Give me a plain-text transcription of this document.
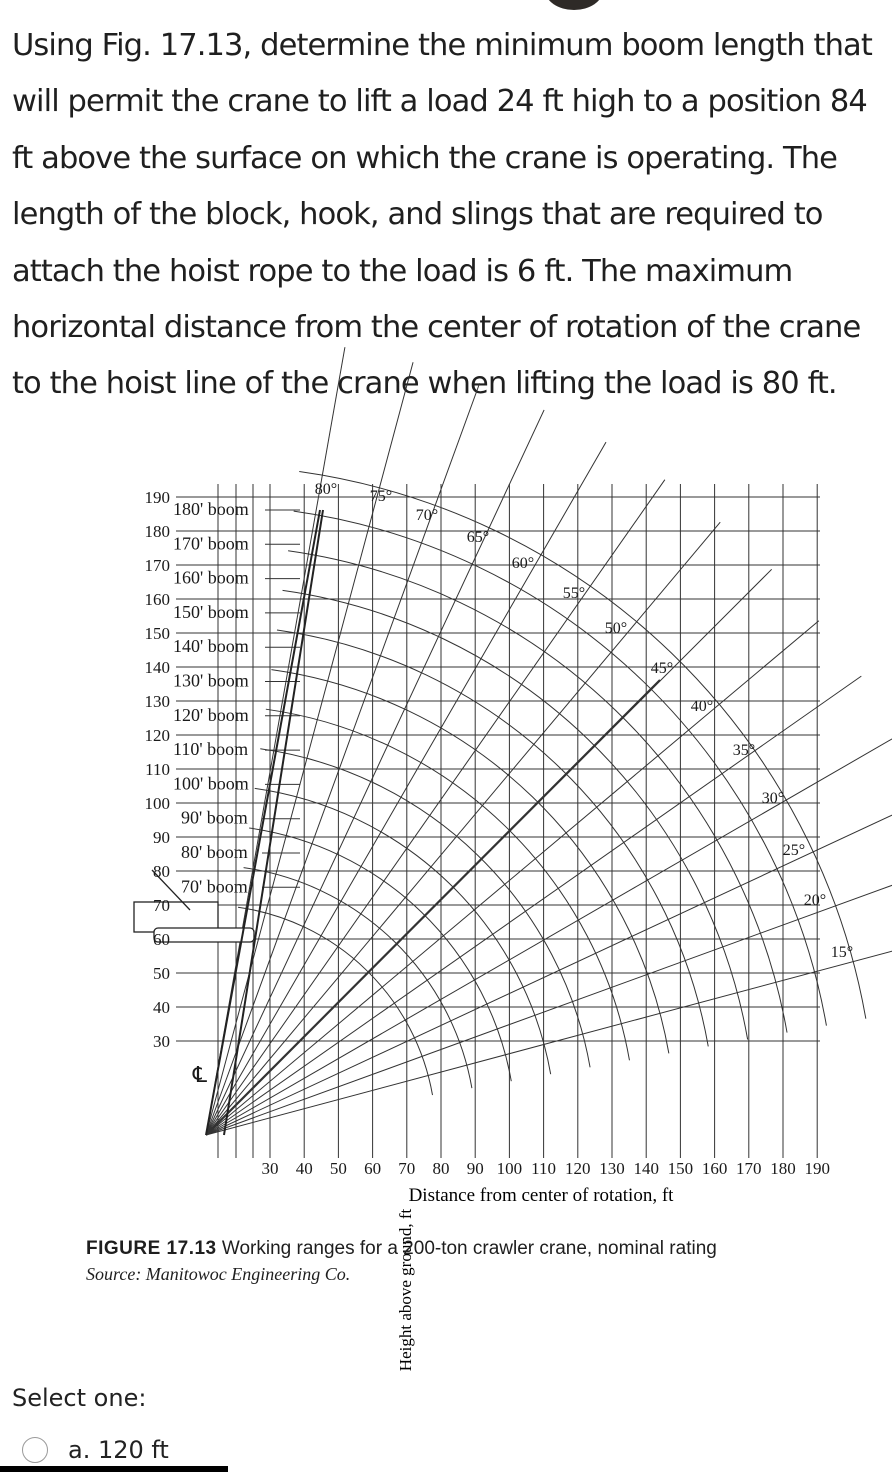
Using Fig. 17.13, determine the minimum boom length that will permit the crane to lift a load 24 ft high to a position 84 ft above the surface on which the crane is operating. The length of the block, hook, and slings that are required to attach the hoist rope to the load is 6 ft. The maximum horizontal distance from the center of rotation of the crane to the hoist line of the crane when lifting the load is 80 ft.

190
180
170
160
150
140
130
120
110
100
90
80
70
60
50
40
30
30 40 50 60 70 80 90 100 110 120 130 140 150 160 170 180 190
80° 75°
70°
65°
60°
55°
50°
45°
40°
35°
30°
25°
20°
15°
180' boom
170' boom
160' boom
150' boom
140' boom
130' boom
120' boom
110' boom
100' boom
90' boom
80' boom
70' boom
℄
Height above ground, ft
Distance from center of rotation, ft
FIGURE 17.13 Working ranges for a 200-ton crawler crane, nominal rating
Source: Manitowoc Engineering Co.
Select one:
a. 120 ft
